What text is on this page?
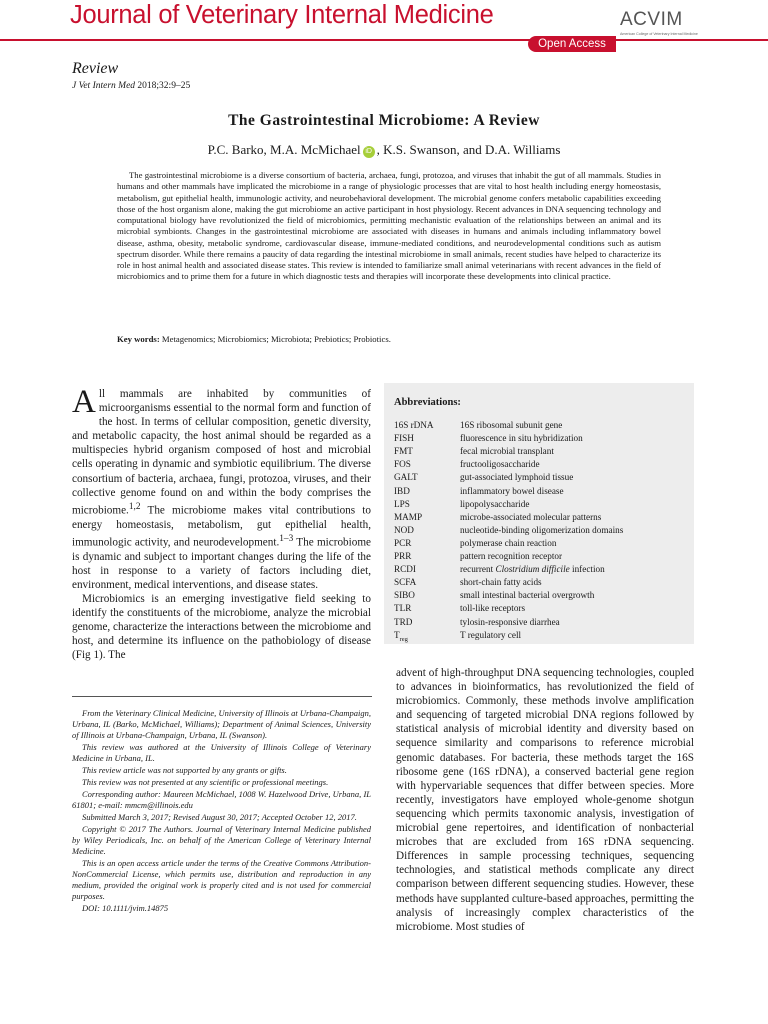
Journal of Veterinary Internal Medicine	ACVIM
American College of Veterinary Internal Medicine
Open Access
Review
J Vet Intern Med 2018;32:9–25
The Gastrointestinal Microbiome: A Review
P.C. Barko, M.A. McMichael iD , K.S. Swanson, and D.A. Williams

The gastrointestinal microbiome is a diverse consortium of bacteria, archaea, fungi, protozoa, and viruses that inhabit the gut of all mammals. Studies in humans and other mammals have implicated the microbiome in a range of physiologic processes that are vital to host health including energy homeostasis, metabolism, gut epithelial health, immunologic activity, and neurobehavioral development. The microbial genome confers metabolic capabilities exceeding those of the host organism alone, making the gut microbiome an active participant in host physiology. Recent advances in DNA sequencing technology and computational biology have revolutionized the field of microbiomics, permitting mechanistic evaluation of the relationships between an animal and its microbial symbionts. Changes in the gastrointestinal microbiome are associated with diseases in humans and animals including inflammatory bowel disease, asthma, obesity, metabolic syndrome, cardiovascular disease, immune-mediated conditions, and neurodevelopmental conditions such as autism spectrum disorder. While there remains a paucity of data regarding the intestinal microbiome in small animals, recent studies have helped to characterize its role in host animal health and associated disease states. This review is intended to familiarize small animal veterinarians with recent advances in the field of microbiomics and to prime them for a future in which diagnostic tests and therapies will incorporate these developments into clinical practice.

Key words: Metagenomics; Microbiomics; Microbiota; Prebiotics; Probiotics.

All mammals are inhabited by communities of microorganisms essential to the normal form and function of the host. In terms of cellular composition, genetic diversity, and metabolic capacity, the host animal should be regarded as a multispecies hybrid organism composed of host and microbial cells operating in dynamic and symbiotic equilibrium. The diverse consortium of bacteria, archaea, fungi, protozoa, viruses, and their collective genome found on and within the body comprises the microbiome.$^{1,2}$ The microbiome makes vital contributions to energy homeostasis, metabolism, gut epithelial health, immunologic activity, and neurodevelopment.$^{1-3}$ The microbiome is dynamic and subject to important changes during the life of the host in response to a variety of factors including diet, environment, medical interventions, and disease states.

Microbiomics is an emerging investigative field seeking to identify the constituents of the microbiome, analyze the microbial genome, characterize the interactions between the microbiome and host, and determine its influence on the pathobiology of disease (Fig 1). The

From the Veterinary Clinical Medicine, University of Illinois at Urbana-Champaign, Urbana, IL (Barko, McMichael, Williams); Department of Animal Sciences, University of Illinois at Urbana-Champaign, Urbana, IL (Swanson).

This review was authored at the University of Illinois College of Veterinary Medicine in Urbana, IL.

This review article was not supported by any grants or gifts.

This review was not presented at any scientific or professional meetings.

Corresponding author: Maureen McMichael, 1008 W. Hazelwood Drive, Urbana, IL 61801; e-mail: mmcm@illinois.edu

Submitted March 3, 2017; Revised August 30, 2017; Accepted October 12, 2017.

Copyright © 2017 The Authors. Journal of Veterinary Internal Medicine published by Wiley Periodicals, Inc. on behalf of the American College of Veterinary Internal Medicine.

This is an open access article under the terms of the Creative Commons Attribution-NonCommercial License, which permits use, distribution and reproduction in any medium, provided the original work is properly cited and is not used for commercial purposes.

DOI: 10.1111/jvim.14875

Abbreviations:
16S rDNA	16S ribosomal subunit gene
FISH	fluorescence in situ hybridization
FMT	fecal microbial transplant
FOS	fructooligosaccharide
GALT	gut-associated lymphoid tissue
IBD	inflammatory bowel disease
LPS	lipopolysaccharide
MAMP	microbe-associated molecular patterns
NOD	nucleotide-binding oligomerization domains
PCR	polymerase chain reaction
PRR	pattern recognition receptor
RCDI	recurrent Clostridium difficile infection
SCFA	short-chain fatty acids
SIBO	small intestinal bacterial overgrowth
TLR	toll-like receptors
TRD	tylosin-responsive diarrhea
$T_{reg}$	T regulatory cell

advent of high-throughput DNA sequencing technologies, coupled to advances in bioinformatics, has revolutionized the field of microbiomics. Commonly, these methods involve amplification and sequencing of targeted microbial DNA regions followed by statistical analysis of microbial identity and diversity based on sequence similarity and comparisons to reference microbial genomic databases. For bacteria, these methods target the 16S ribosome gene (16S rDNA), a conserved bacterial gene region with hypervariable sequences that differ between species. More recently, investigators have employed whole-genome shotgun sequencing which permits taxonomic analysis, investigation of microbial gene repertoires, and identification of nonbacterial microbes that are excluded from 16S rDNA sequencing. Differences in sample processing techniques, sequencing technologies, and statistical methods complicate any direct comparison between different sequencing studies. However, these methods have supplanted culture-based approaches, permitting the analysis of increasingly complex characteristics of the microbiome. Most studies of
